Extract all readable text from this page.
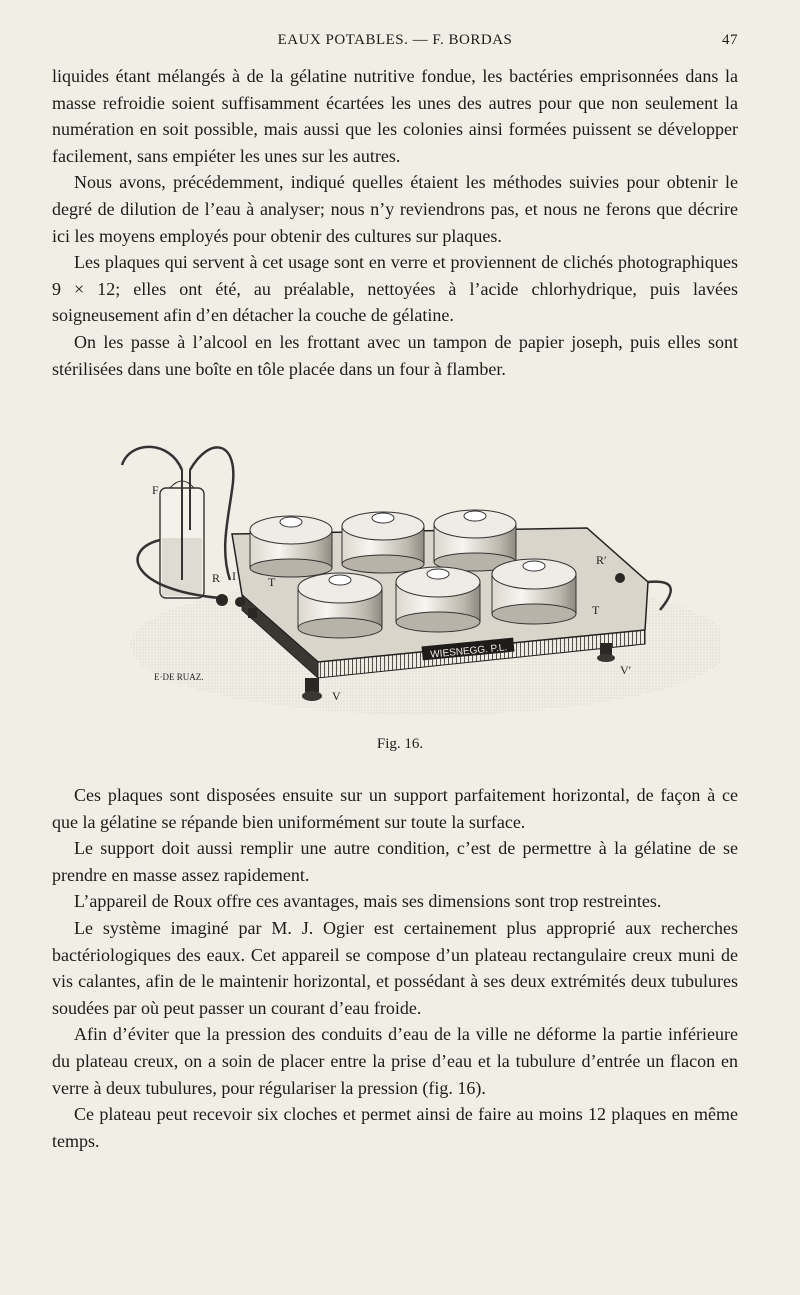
EAUX POTABLES. — F. BORDAS	47

liquides étant mélangés à de la gélatine nutritive fondue, les bactéries emprisonnées dans la masse refroidie soient suffisamment écartées les unes des autres pour que non seulement la numération en soit possible, mais aussi que les colonies ainsi formées puissent se développer facilement, sans empiéter les unes sur les autres.

Nous avons, précédemment, indiqué quelles étaient les méthodes suivies pour obtenir le degré de dilution de l’eau à analyser; nous n’y reviendrons pas, et nous ne ferons que décrire ici les moyens employés pour obtenir des cultures sur plaques.

Les plaques qui servent à cet usage sont en verre et proviennent de clichés photographiques 9 × 12; elles ont été, au préalable, nettoyées à l’acide chlorhydrique, puis lavées soigneusement afin d’en détacher la couche de gélatine.

On les passe à l’alcool en les frottant avec un tampon de papier joseph, puis elles sont stérilisées dans une boîte en tôle placée dans un four à flamber.

WIESNEGG. P.L.
F
R I	T
T
R′
V
V′
E·DE RUAZ.
Fig. 16.

Ces plaques sont disposées ensuite sur un support parfaitement horizontal, de façon à ce que la gélatine se répande bien uniformément sur toute la surface.

Le support doit aussi remplir une autre condition, c’est de permettre à la gélatine de se prendre en masse assez rapidement.

L’appareil de Roux offre ces avantages, mais ses dimensions sont trop restreintes.

Le système imaginé par M. J. Ogier est certainement plus approprié aux recherches bactériologiques des eaux. Cet appareil se compose d’un plateau rectangulaire creux muni de vis calantes, afin de le maintenir horizontal, et possédant à ses deux extrémités deux tubulures soudées par où peut passer un courant d’eau froide.

Afin d’éviter que la pression des conduits d’eau de la ville ne déforme la partie inférieure du plateau creux, on a soin de placer entre la prise d’eau et la tubulure d’entrée un flacon en verre à deux tubulures, pour régulariser la pression (fig. 16).

Ce plateau peut recevoir six cloches et permet ainsi de faire au moins 12 plaques en même temps.
